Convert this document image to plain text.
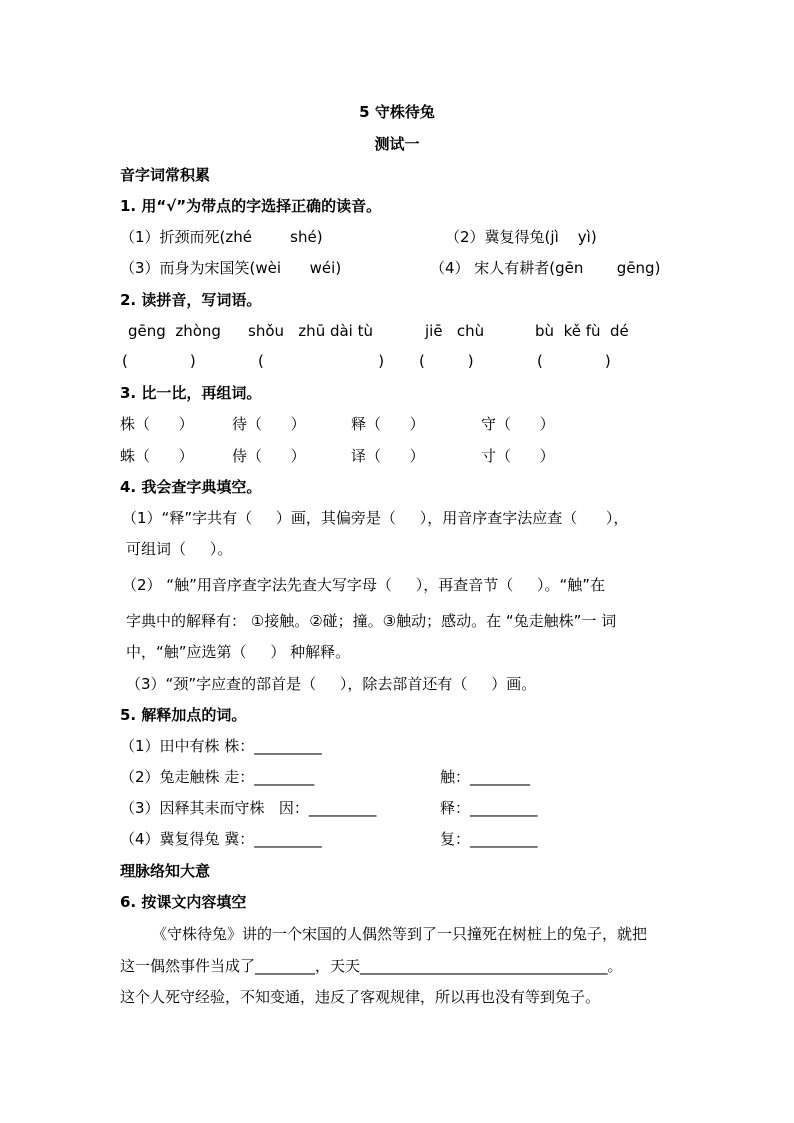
5 守株待兔
测试一
音字词常积累
1. 用“√”为带点的字选择正确的读音。
（1）折颈而死(zhé        shé)	（2）冀复得兔(jì    yì)
（3）而身为宋国笑(wèi      wéi)	（4） 宋人有耕者(gēn       gēng)
2. 读拼音，写词语。
gēng  zhòng shǒu   zhū dài tù	jiē   chù	bù  kě fù  dé
(             )	(                        ) (         )	(             )
3. 比一比，再组词。
株（      ）	待（      ）	释（      ）	守（      ）
蛛（      ）	侍（      ）	译（      ）	寸（      ）
4. 我会查字典填空。
（1）“释”字共有（     ）画，其偏旁是（     ），用音序查字法应查（      ），
可组词（     ）。
（2） “触”用音序查字法先查大写字母（     ），再查音节（     ）。“触”在
字典中的解释有： ①接触。②碰；撞。③触动；感动。在 “兔走触株”一 词
中，“触”应选第（     ） 种解释。
（3）“颈”字应查的部首是（     ），除去部首还有（     ）画。
5. 解释加点的词。
（1）田中有株 株：_________
（2）兔走触株 走：________	触：________
（3）因释其耒而守株   因：_________	释：_________
（4）冀复得兔 冀：_________	复：_________
理脉络知大意
6. 按课文内容填空
《守株待兔》讲的一个宋国的人偶然等到了一只撞死在树桩上的兔子，就把
这一偶然事件当成了________，天天_________________________________。
这个人死守经验，不知变通，违反了客观规律，所以再也没有等到兔子。
